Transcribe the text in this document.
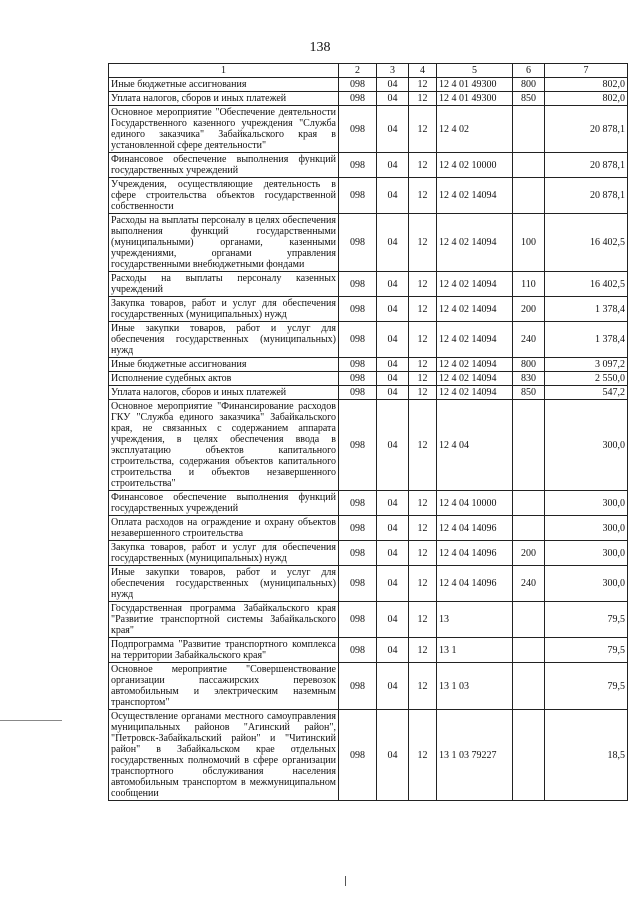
138
1	2	3	4	5	6	7
Иные бюджетные ассигнования	098	04	12	12 4 01 49300	800	802,0
Уплата налогов, сборов и иных платежей	098	04	12	12 4 01 49300	850	802,0
Основное мероприятие "Обеспечение деятельности Государственного казенного учреждения "Служба единого заказчика" Забайкальского края в установленной сфере деятельности"	098	04	12	12 4 02		20 878,1
Финансовое обеспечение выполнения функций государственных учреждений	098	04	12	12 4 02 10000		20 878,1
Учреждения, осуществляющие деятельность в сфере строительства объектов государственной собственности	098	04	12	12 4 02 14094		20 878,1
Расходы на выплаты персоналу в целях обеспечения выполнения функций государственными (муниципальными) органами, казенными учреждениями, органами управления государственными внебюджетными фондами	098	04	12	12 4 02 14094	100	16 402,5
Расходы на выплаты персоналу казенных учреждений	098	04	12	12 4 02 14094	110	16 402,5
Закупка товаров, работ и услуг для обеспечения государственных (муниципальных) нужд	098	04	12	12 4 02 14094	200	1 378,4
Иные закупки товаров, работ и услуг для обеспечения государственных (муниципальных) нужд	098	04	12	12 4 02 14094	240	1 378,4
Иные бюджетные ассигнования	098	04	12	12 4 02 14094	800	3 097,2
Исполнение судебных актов	098	04	12	12 4 02 14094	830	2 550,0
Уплата налогов, сборов и иных платежей	098	04	12	12 4 02 14094	850	547,2
Основное мероприятие "Финансирование расходов ГКУ "Служба единого заказчика" Забайкальского края, не связанных с содержанием аппарата учреждения, в целях обеспечения ввода в эксплуатацию объектов капитального строительства, содержания объектов капитального строительства и объектов незавершенного строительства"	098	04	12	12 4 04		300,0
Финансовое обеспечение выполнения функций государственных учреждений	098	04	12	12 4 04 10000		300,0
Оплата расходов на ограждение и охрану объектов незавершенного строительства	098	04	12	12 4 04 14096		300,0
Закупка товаров, работ и услуг для обеспечения государственных (муниципальных) нужд	098	04	12	12 4 04 14096	200	300,0
Иные закупки товаров, работ и услуг для обеспечения государственных (муниципальных) нужд	098	04	12	12 4 04 14096	240	300,0
Государственная программа Забайкальского края "Развитие транспортной системы Забайкальского края"	098	04	12	13		79,5
Подпрограмма "Развитие транспортного комплекса на территории Забайкальского края"	098	04	12	13 1		79,5
Основное мероприятие "Совершенствование организации пассажирских перевозок автомобильным и электрическим наземным транспортом"	098	04	12	13 1 03		79,5
Осуществление органами местного самоуправления муниципальных районов "Агинский район", "Петровск-Забайкальский район" и "Читинский район" в Забайкальском крае отдельных государственных полномочий в сфере организации транспортного обслуживания населения автомобильным транспортом в межмуниципальном сообщении	098	04	12	13 1 03 79227		18,5
